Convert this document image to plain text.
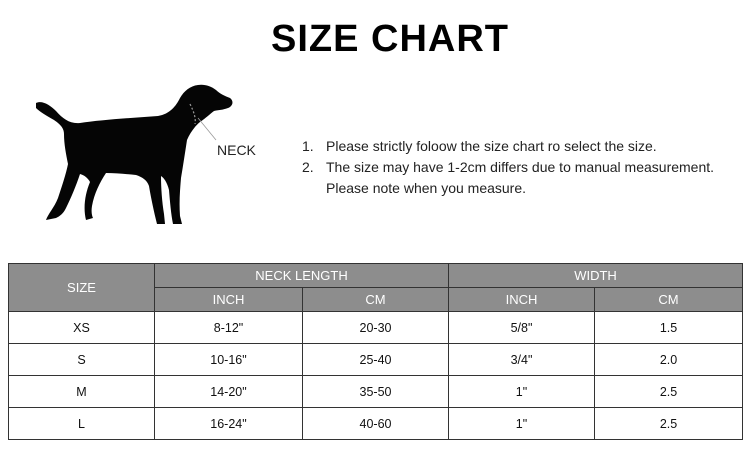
SIZE CHART
NECK	1. Please strictly foloow the size chart ro select the size.
2. The size may have 1-2cm differs due to manual measurement.
Please note when you measure.
SIZE	NECK LENGTH		WIDTH	
	INCH	CM	INCH	CM
XS	8-12"	20-30	5/8"	1.5
S	10-16"	25-40	3/4"	2.0
M	14-20"	35-50	1"	2.5
L	16-24"	40-60	1"	2.5
